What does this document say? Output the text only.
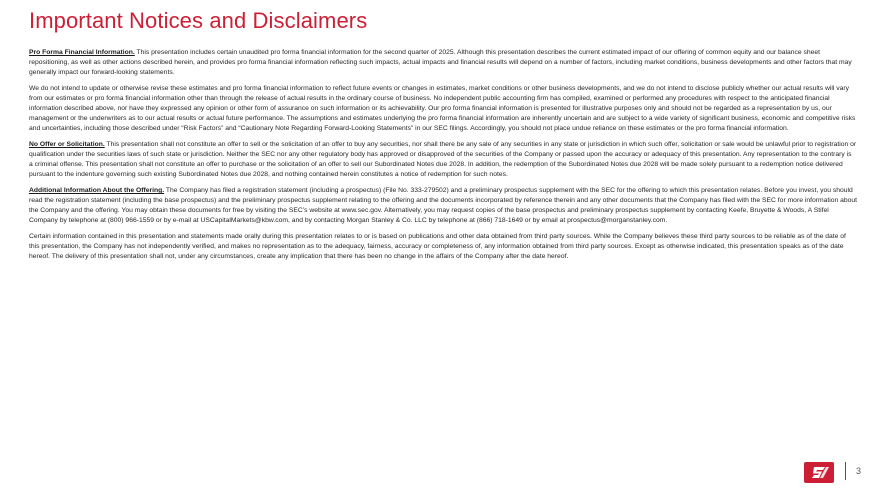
Important Notices and Disclaimers

Pro Forma Financial Information. This presentation includes certain unaudited pro forma financial information for the second quarter of 2025. Although this presentation describes the current estimated impact of our offering of common equity and our balance sheet repositioning, as well as other actions described herein, and provides pro forma financial information reflecting such impacts, actual impacts and financial results will depend on a number of factors, including market conditions, business developments and other factors that may generally impact our forward-looking statements.

We do not intend to update or otherwise revise these estimates and pro forma financial information to reflect future events or changes in estimates, market conditions or other business developments, and we do not intend to disclose publicly whether our actual results will vary from our estimates or pro forma financial information other than through the release of actual results in the ordinary course of business. No independent public accounting firm has compiled, examined or performed any procedures with respect to the anticipated financial information described above, nor have they expressed any opinion or other form of assurance on such information or its achievability. Our pro forma financial information is presented for illustrative purposes only and should not be regarded as a representation by us, our management or the underwriters as to our actual results or actual future performance. The assumptions and estimates underlying the pro forma financial information are inherently uncertain and are subject to a wide variety of significant business, economic and competitive risks and uncertainties, including those described under “Risk Factors” and “Cautionary Note Regarding Forward-Looking Statements” in our SEC filings. Accordingly, you should not place undue reliance on these estimates or the pro forma financial information.

No Offer or Solicitation. This presentation shall not constitute an offer to sell or the solicitation of an offer to buy any securities, nor shall there be any sale of any securities in any state or jurisdiction in which such offer, solicitation or sale would be unlawful prior to registration or qualification under the securities laws of such state or jurisdiction. Neither the SEC nor any other regulatory body has approved or disapproved of the securities of the Company or passed upon the accuracy or adequacy of this presentation. Any representation to the contrary is a criminal offense. This presentation shall not constitute an offer to purchase or the solicitation of an offer to sell our Subordinated Notes due 2028. In addition, the redemption of the Subordinated Notes due 2028 will be made solely pursuant to a redemption notice delivered pursuant to the indenture governing such existing Subordinated Notes due 2028, and nothing contained herein constitutes a notice of redemption for such notes.

Additional Information About the Offering. The Company has filed a registration statement (including a prospectus) (File No. 333-279502) and a preliminary prospectus supplement with the SEC for the offering to which this presentation relates. Before you invest, you should read the registration statement (including the base prospectus) and the preliminary prospectus supplement relating to the offering and the documents incorporated by reference therein and any other documents that the Company has filed with the SEC for more information about the Company and the offering. You may obtain these documents for free by visiting the SEC’s website at www.sec.gov. Alternatively, you may request copies of the base prospectus and preliminary prospectus supplement by contacting Keefe, Bruyette & Woods, A Stifel Company by telephone at (800) 966-1559 or by e-mail at USCapitalMarkets@kbw.com, and by contacting Morgan Stanley & Co. LLC by telephone at (866) 718-1649 or by email at prospectus@morganstanley.com.

Certain information contained in this presentation and statements made orally during this presentation relates to or is based on publications and other data obtained from third party sources. While the Company believes these third party sources to be reliable as of the date of this presentation, the Company has not independently verified, and makes no representation as to the adequacy, fairness, accuracy or completeness of, any information obtained from third party sources. Except as otherwise indicated, this presentation speaks as of the date hereof. The delivery of this presentation shall not, under any circumstances, create any implication that there has been no change in the affairs of the Company after the date hereof.

3
